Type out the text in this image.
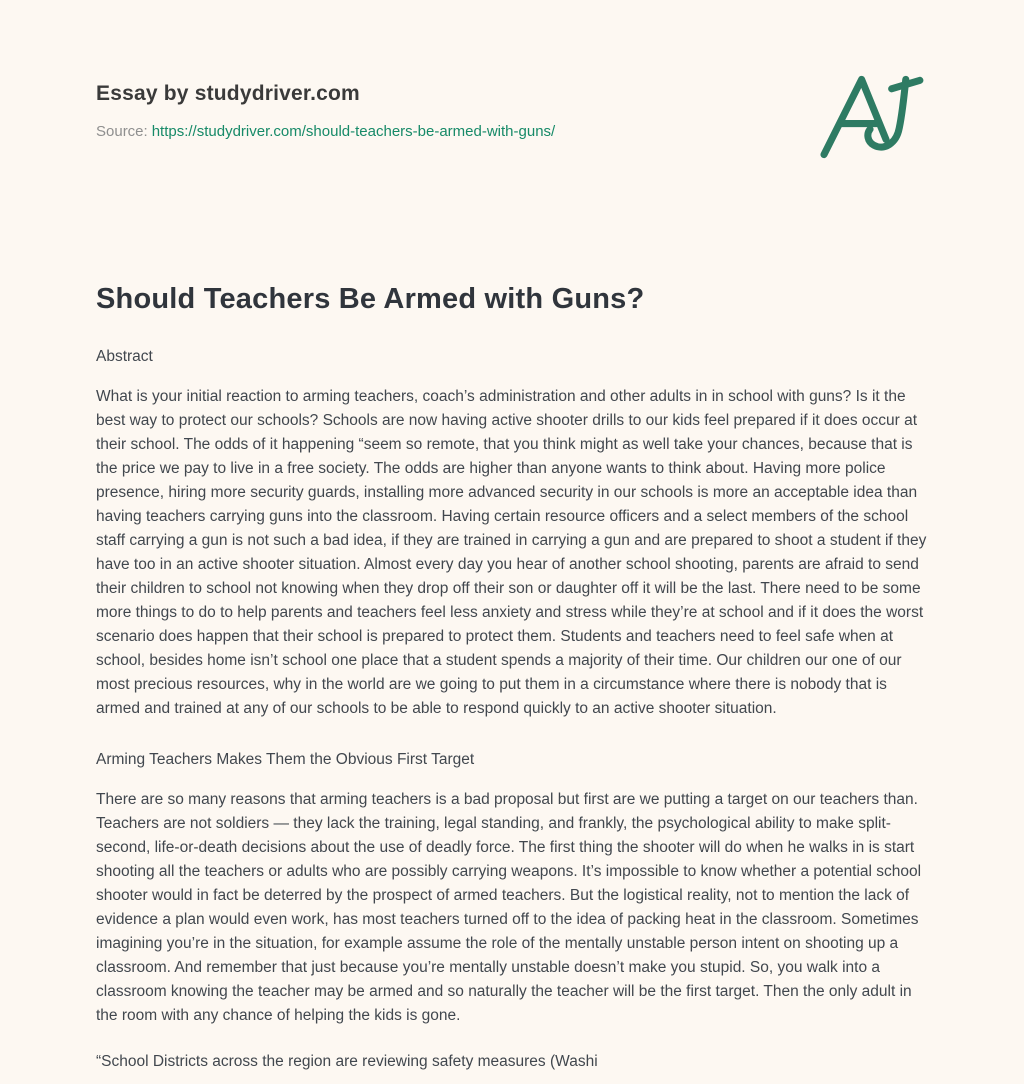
Essay by studydriver.com
Source: https://studydriver.com/should-teachers-be-armed-with-guns/
Should Teachers Be Armed with Guns?
Abstract

What is your initial reaction to arming teachers, coach’s administration and other adults in in school with guns? Is it the best way to protect our schools? Schools are now having active shooter drills to our kids feel prepared if it does occur at their school. The odds of it happening “seem so remote, that you think might as well take your chances, because that is the price we pay to live in a free society. The odds are higher than anyone wants to think about. Having more police presence, hiring more security guards, installing more advanced security in our schools is more an acceptable idea than having teachers carrying guns into the classroom. Having certain resource officers and a select members of the school staff carrying a gun is not such a bad idea, if they are trained in carrying a gun and are prepared to shoot a student if they have too in an active shooter situation. Almost every day you hear of another school shooting, parents are afraid to send their children to school not knowing when they drop off their son or daughter off it will be the last. There need to be some more things to do to help parents and teachers feel less anxiety and stress while they’re at school and if it does the worst scenario does happen that their school is prepared to protect them. Students and teachers need to feel safe when at school, besides home isn’t school one place that a student spends a majority of their time. Our children our one of our most precious resources, why in the world are we going to put them in a circumstance where there is nobody that is armed and trained at any of our schools to be able to respond quickly to an active shooter situation.

Arming Teachers Makes Them the Obvious First Target

There are so many reasons that arming teachers is a bad proposal but first are we putting a target on our teachers than. Teachers are not soldiers — they lack the training, legal standing, and frankly, the psychological ability to make split-second, life-or-death decisions about the use of deadly force. The first thing the shooter will do when he walks in is start shooting all the teachers or adults who are possibly carrying weapons. It’s impossible to know whether a potential school shooter would in fact be deterred by the prospect of armed teachers. But the logistical reality, not to mention the lack of evidence a plan would even work, has most teachers turned off to the idea of packing heat in the classroom. Sometimes imagining you’re in the situation, for example assume the role of the mentally unstable person intent on shooting up a classroom. And remember that just because you’re mentally unstable doesn’t make you stupid. So, you walk into a classroom knowing the teacher may be armed and so naturally the teacher will be the first target. Then the only adult in the room with any chance of helping the kids is gone.

“School Districts across the region are reviewing safety measures (Washi
